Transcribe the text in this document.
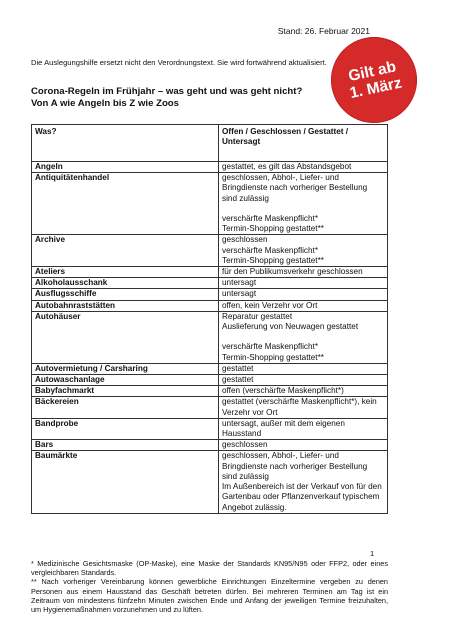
Stand: 26. Februar 2021
Die Auslegungshilfe ersetzt nicht den Verordnungstext. Sie wird fortwährend aktualisiert. Gilt ab
1. März
Corona-Regeln im Frühjahr – was geht und was geht nicht?
Von A wie Angeln bis Z wie Zoos
Was?	Offen / Geschlossen / Gestattet / Untersagt
Angeln	gestattet, es gilt das Abstandsgebot
Antiquitätenhandel	geschlossen, Abhol-, Liefer- und Bringdienste nach vorheriger Bestellung sind zulässig

verschärfte Maskenpflicht*
Termin-Shopping gestattet**
Archive	geschlossen
verschärfte Maskenpflicht*
Termin-Shopping gestattet**
Ateliers	für den Publikumsverkehr geschlossen
Alkoholausschank	untersagt
Ausflugsschiffe	untersagt
Autobahnraststätten	offen, kein Verzehr vor Ort
Autohäuser	Reparatur gestattet
Auslieferung von Neuwagen gestattet

verschärfte Maskenpflicht*
Termin-Shopping gestattet**
Autovermietung / Carsharing	gestattet
Autowaschanlage	gestattet
Babyfachmarkt	offen (verschärfte Maskenpflicht*)
Bäckereien	gestattet (verschärfte Maskenpflicht*), kein Verzehr vor Ort
Bandprobe	untersagt, außer mit dem eigenen Hausstand
Bars	geschlossen
Baumärkte	geschlossen, Abhol-, Liefer- und Bringdienste nach vorheriger Bestellung sind zulässig
Im Außenbereich ist der Verkauf von für den Gartenbau oder Pflanzenverkauf typischem Angebot zulässig.
1

* Medizinische Gesichtsmaske (OP-Maske), eine Maske der Standards KN95/N95 oder FFP2, oder eines vergleichbaren Standards.

** Nach vorheriger Vereinbarung können gewerbliche Einrichtungen Einzeltermine vergeben zu denen Personen aus einem Hausstand das Geschäft betreten dürfen. Bei mehreren Terminen am Tag ist ein Zeitraum von mindestens fünfzehn Minuten zwischen Ende und Anfang der jeweiligen Termine freizuhalten, um Hygienemaßnahmen vorzunehmen und zu lüften.
